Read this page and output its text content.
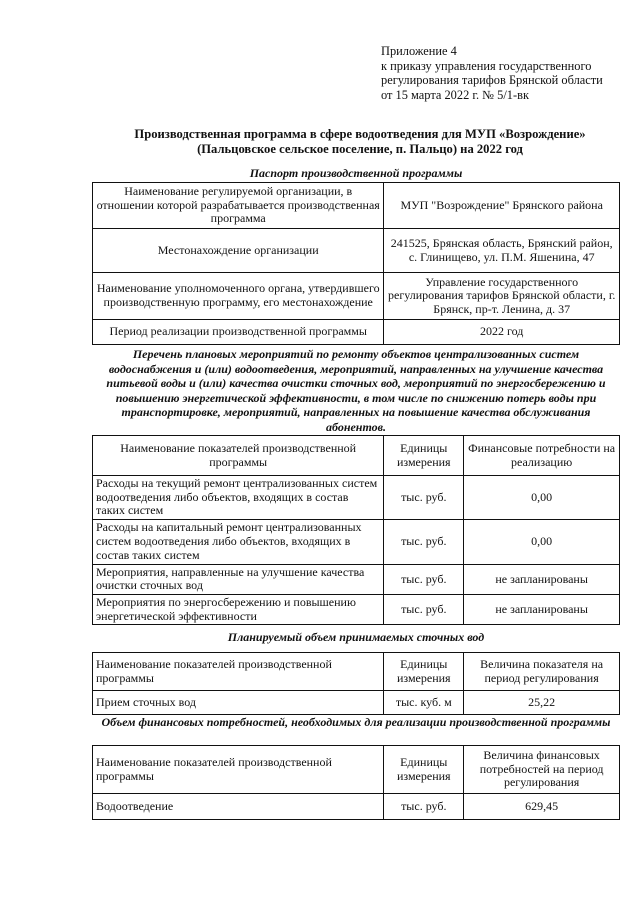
Приложение 4
к приказу управления государственного
регулирования тарифов Брянской области
от 15 марта 2022 г. № 5/1-вк
Производственная программа в сфере водоотведения для МУП «Возрождение»
(Пальцовское сельское поселение, п. Пальцо) на 2022 год
Паспорт производственной программы
Наименование регулируемой организации, в отношении которой разрабатывается производственная программа	МУП "Возрождение" Брянского района
Местонахождение организации	241525, Брянская область, Брянский район, с. Глинищево, ул. П.М. Яшенина, 47
Наименование уполномоченного органа, утвердившего производственную программу, его местонахождение	Управление государственного регулирования тарифов Брянской области, г. Брянск, пр-т. Ленина, д. 37
Период реализации производственной программы	2022 год
Перечень плановых мероприятий по ремонту объектов централизованных систем водоснабжения и (или) водоотведения, мероприятий, направленных на улучшение качества питьевой воды и (или) качества очистки сточных вод, мероприятий по энергосбережению и повышению энергетической эффективности, в том числе по снижению потерь воды при транспортировке, мероприятий, направленных на повышение качества обслуживания абонентов.
Наименование показателей производственной программы	Единицы измерения	Финансовые потребности на реализацию
Расходы на текущий ремонт централизованных систем водоотведения либо объектов, входящих в состав таких систем	тыс. руб.	0,00
Расходы на капитальный ремонт централизованных систем водоотведения либо объектов, входящих в состав таких систем	тыс. руб.	0,00
Мероприятия, направленные на улучшение качества очистки сточных вод	тыс. руб.	не запланированы
Мероприятия по энергосбережению и повышению энергетической эффективности	тыс. руб.	не запланированы
Планируемый объем принимаемых сточных вод
Наименование показателей производственной программы	Единицы измерения	Величина показателя на период регулирования
Прием сточных вод	тыс. куб. м	25,22
Объем финансовых потребностей, необходимых для реализации производственной программы
Наименование показателей производственной программы	Единицы измерения	Величина финансовых потребностей на период регулирования
Водоотведение	тыс. руб.	629,45
